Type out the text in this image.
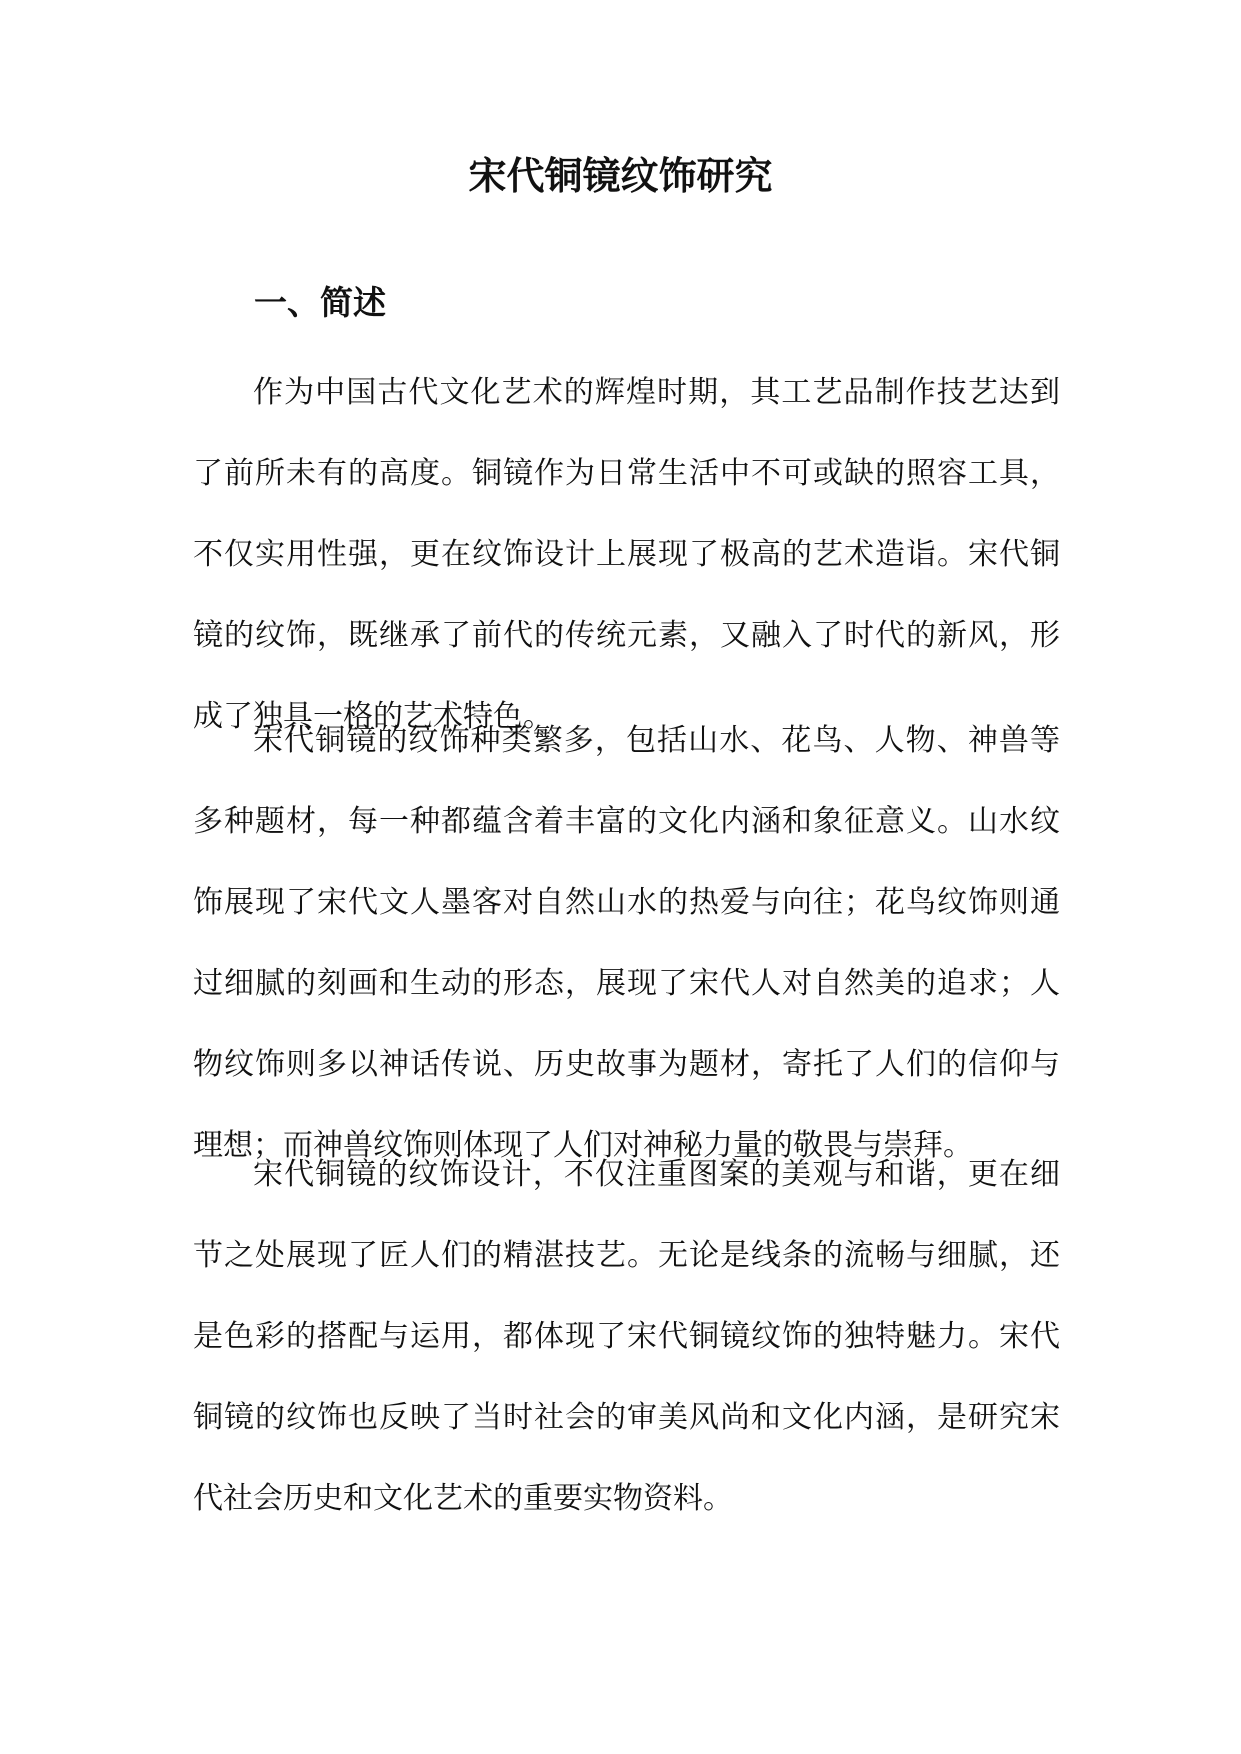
宋代铜镜纹饰研究
一、简述

作为中国古代文化艺术的辉煌时期，其工艺品制作技艺达到了前所未有的高度。铜镜作为日常生活中不可或缺的照容工具，不仅实用性强，更在纹饰设计上展现了极高的艺术造诣。宋代铜镜的纹饰，既继承了前代的传统元素，又融入了时代的新风，形成了独具一格的艺术特色。

宋代铜镜的纹饰种类繁多，包括山水、花鸟、人物、神兽等多种题材，每一种都蕴含着丰富的文化内涵和象征意义。山水纹饰展现了宋代文人墨客对自然山水的热爱与向往；花鸟纹饰则通过细腻的刻画和生动的形态，展现了宋代人对自然美的追求；人物纹饰则多以神话传说、历史故事为题材，寄托了人们的信仰与理想；而神兽纹饰则体现了人们对神秘力量的敬畏与崇拜。

宋代铜镜的纹饰设计，不仅注重图案的美观与和谐，更在细节之处展现了匠人们的精湛技艺。无论是线条的流畅与细腻，还是色彩的搭配与运用，都体现了宋代铜镜纹饰的独特魅力。宋代铜镜的纹饰也反映了当时社会的审美风尚和文化内涵，是研究宋代社会历史和文化艺术的重要实物资料。
